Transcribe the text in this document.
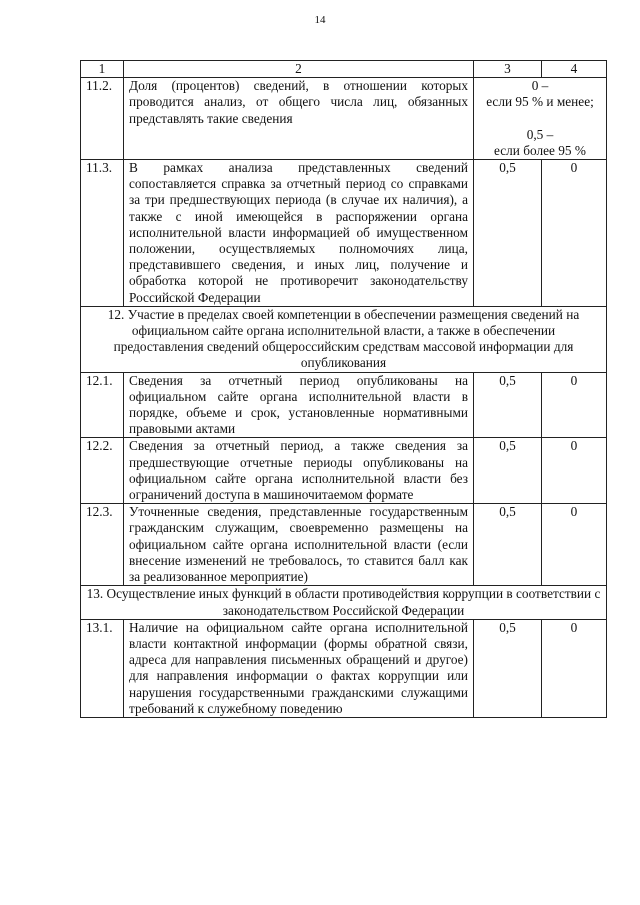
14
1	2	3	4
11.2.	Доля (процентов) сведений, в отношении которых проводится анализ, от общего числа лиц, обязанных представлять такие сведения	0 –
если 95 % и менее;
0,5 –
если более 95 %	

11.3.	В рамках анализа представленных сведений сопоставляется справка за отчетный период со справками за три предшествующих периода (в случае их наличия), а также с иной имеющейся в распоряжении органа исполнительной власти информацией об имущественном положении, осуществляемых полномочиях лица, представившего сведения, и иных лиц, получение и обработка которой не противоречит законодательству Российской Федерации	0,5	0
12. Участие в пределах своей компетенции в обеспечении размещения сведений на официальном сайте органа исполнительной власти, а также в обеспечении предоставления сведений общероссийским средствам массовой информации для опубликования			
12.1.	Сведения за отчетный период опубликованы на официальном сайте органа исполнительной власти в порядке, объеме и срок, установленные нормативными правовыми актами	0,5	0
12.2.	Сведения за отчетный период, а также сведения за предшествующие отчетные периоды опубликованы на официальном сайте органа исполнительной власти без ограничений доступа в машиночитаемом формате	0,5	0
12.3.	Уточненные сведения, представленные государственным гражданским служащим, своевременно размещены на официальном сайте органа исполнительной власти (если внесение изменений не требовалось, то ставится балл как за реализованное мероприятие)	0,5	0
13. Осуществление иных функций в области противодействия коррупции в соответствии с законодательством Российской Федерации			
13.1.	Наличие на официальном сайте органа исполнительной власти контактной информации (формы обратной связи, адреса для направления письменных обращений и другое) для направления информации о фактах коррупции или нарушения государственными гражданскими служащими требований к служебному поведению	0,5	0
